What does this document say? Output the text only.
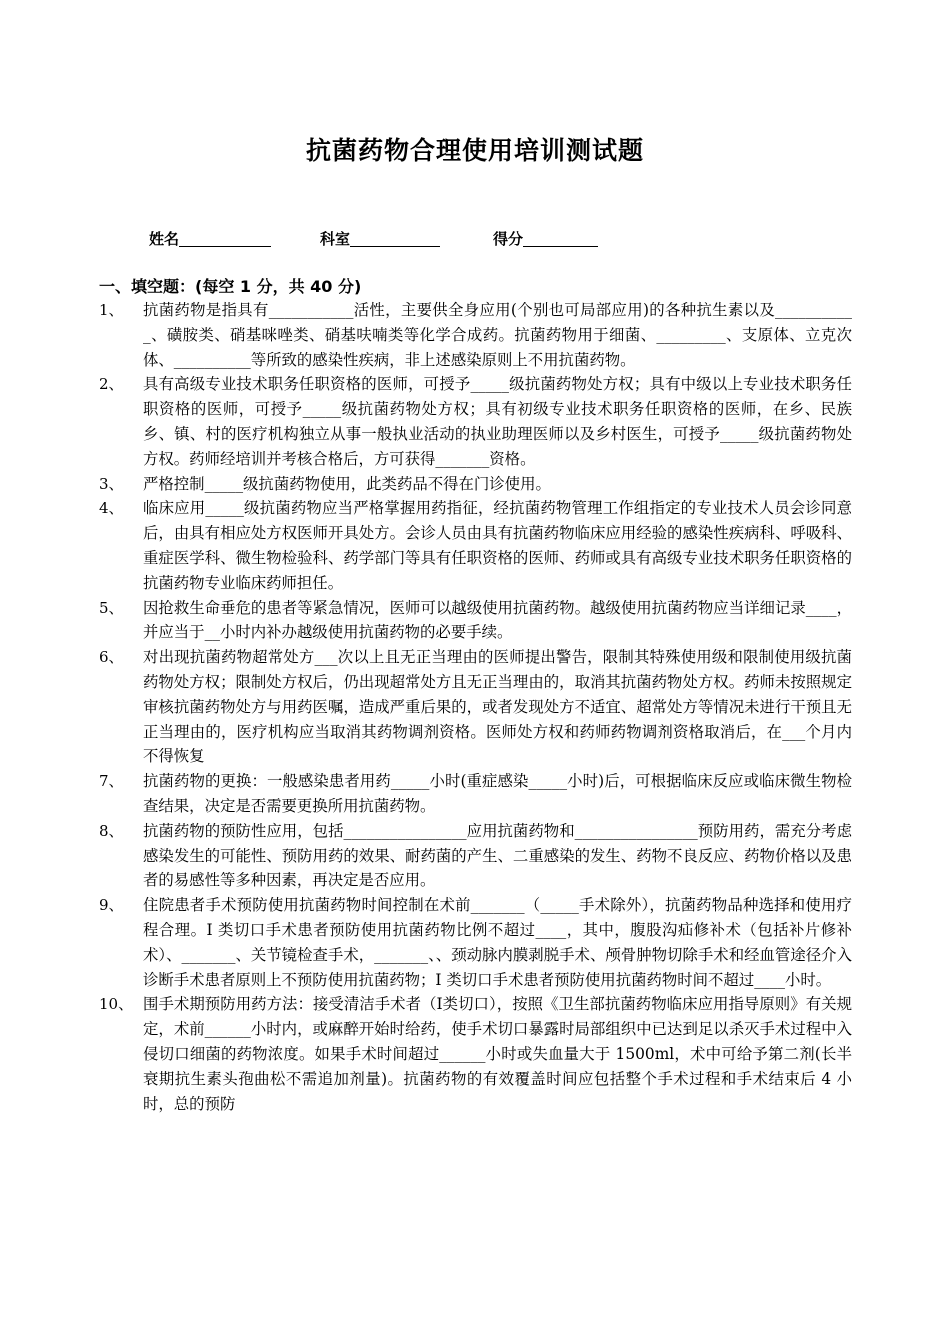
抗菌药物合理使用培训测试题
姓名	科室	得分
一、填空题：(每空 1 分，共 40 分)
1、 抗菌药物是指具有___________活性，主要供全身应用(个别也可局部应用)的各种抗生素以及___________、磺胺类、硝基咪唑类、硝基呋喃类等化学合成药。抗菌药物用于细菌、_________、支原体、立克次体、__________等所致的感染性疾病，非上述感染原则上不用抗菌药物。
2、 具有高级专业技术职务任职资格的医师，可授予_____级抗菌药物处方权；具有中级以上专业技术职务任职资格的医师，可授予_____级抗菌药物处方权；具有初级专业技术职务任职资格的医师，在乡、民族乡、镇、村的医疗机构独立从事一般执业活动的执业助理医师以及乡村医生，可授予_____级抗菌药物处方权。药师经培训并考核合格后，方可获得_______资格。
3、 严格控制_____级抗菌药物使用，此类药品不得在门诊使用。
4、 临床应用_____级抗菌药物应当严格掌握用药指征，经抗菌药物管理工作组指定的专业技术人员会诊同意后，由具有相应处方权医师开具处方。会诊人员由具有抗菌药物临床应用经验的感染性疾病科、呼吸科、重症医学科、微生物检验科、药学部门等具有任职资格的医师、药师或具有高级专业技术职务任职资格的抗菌药物专业临床药师担任。
5、 因抢救生命垂危的患者等紧急情况，医师可以越级使用抗菌药物。越级使用抗菌药物应当详细记录____，并应当于__小时内补办越级使用抗菌药物的必要手续。
6、 对出现抗菌药物超常处方___次以上且无正当理由的医师提出警告，限制其特殊使用级和限制使用级抗菌药物处方权；限制处方权后，仍出现超常处方且无正当理由的，取消其抗菌药物处方权。药师未按照规定审核抗菌药物处方与用药医嘱，造成严重后果的，或者发现处方不适宜、超常处方等情况未进行干预且无正当理由的，医疗机构应当取消其药物调剂资格。医师处方权和药师药物调剂资格取消后，在___个月内不得恢复
7、 抗菌药物的更换：一般感染患者用药_____小时(重症感染_____小时)后，可根据临床反应或临床微生物检查结果，决定是否需要更换所用抗菌药物。
8、 抗菌药物的预防性应用，包括________________应用抗菌药物和________________预防用药，需充分考虑感染发生的可能性、预防用药的效果、耐药菌的产生、二重感染的发生、药物不良反应、药物价格以及患者的易感性等多种因素，再决定是否应用。
9、 住院患者手术预防使用抗菌药物时间控制在术前_______（_____手术除外），抗菌药物品种选择和使用疗程合理。I 类切口手术患者预防使用抗菌药物比例不超过____，其中，腹股沟疝修补术（包括补片修补术）、_______、关节镜检查手术，_______、、颈动脉内膜剥脱手术、颅骨肿物切除手术和经血管途径介入诊断手术患者原则上不预防使用抗菌药物；I 类切口手术患者预防使用抗菌药物时间不超过____小时。
10、 围手术期预防用药方法：接受清洁手术者（Ⅰ类切口），按照《卫生部抗菌药物临床应用指导原则》有关规定，术前______小时内，或麻醉开始时给药，使手术切口暴露时局部组织中已达到足以杀灭手术过程中入侵切口细菌的药物浓度。如果手术时间超过______小时或失血量大于 1500ml，术中可给予第二剂(长半衰期抗生素头孢曲松不需追加剂量)。抗菌药物的有效覆盖时间应包括整个手术过程和手术结束后 4 小时，总的预防
